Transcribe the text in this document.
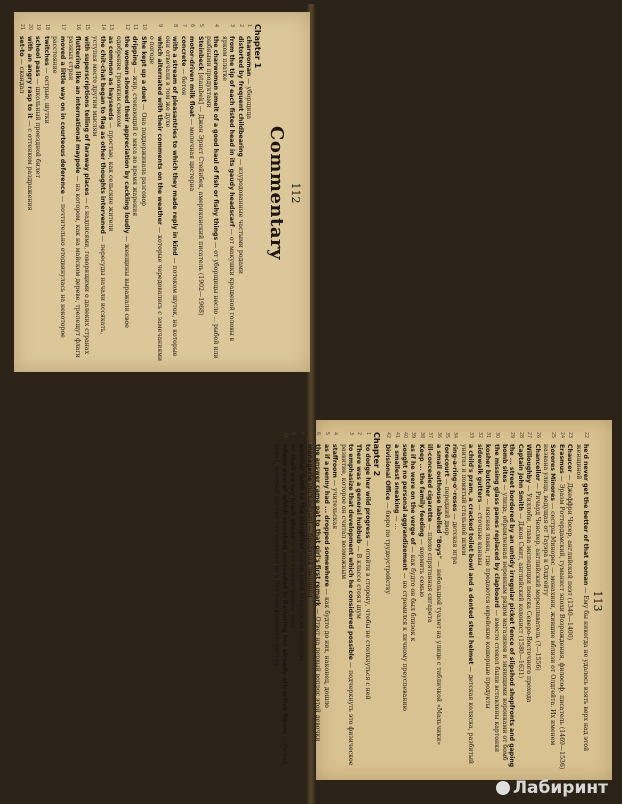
112
Commentary
Chapter 1
1
charwoman — уборщица
2
distorted by frequent childbearing — изуродованные частыми родами
3
from the tip of each fisted head in its gaudy headscarf — от макушки крашеной головы в ярком платке
4
the charwoman smelt of a good haul of fish or fishy things — от уборщицы несло ... рыбой или рыбными продуктами
5
Steinbeck [staɪnbek] — Джон Эрнст Стейнбек, американский писатель (1902—1968)
6
motor-driven milk float — молочная цистерна
7
concrete — бетон
8
with a stream of pleasantries to which they made reply in kind — потоком шуток, на которые они отвечали в том же духе
9
which alternated with their comments on the weather — которые чередовались с замечаниями о погоде
10
She kept up a duet — Она поддерживала разговор
11
dripping — жир, стекающий с мяса во время жарения
12
the women showed their appreciation by cackling loudly — женщины выражали свое одобрение громким смехом
13
as common as hayseeds — простые, как сельские жители
14
the chit-chat began to flag as other thoughts intervened — пересуды начали иссякать, уступая место другим мыслям
15
with superscriptions telling of faraway places — с надписями, говорящими о далеких странах
16
fluttering like an international maypole — на котором, как на майском дереве, трепещут флаги разных стран
17
moved a little way on in courteous deference — почтительно отодвинулась на некоторое расстояние
18
twitches — острые, шутки
19
school pass — школьный проездной билет
20
with an angry rasp to it — с оттенком раздражения
21
set-to — скандал
113
22
he'd never get the better of that woman — Ему бы никогда не удалось взять верх над этой женщиной
23
Chaucer — Джеффри Чосер, английский поэт (1340—1400)
24
Erasmus — Эразм Роттердамский, гуманист эпохи Возрождения, философ, писатель (1469—1536)
25
Sorores Minores — сестры Минорес — монахини, жившие вблизи от Олдгейта. Их именем названа улица, ведущая от Тауэра к Олдгейту
26
Chancellor — Ричард Ченслер, английский мореплаватель (?—1556)
27
Willoughby — Уиллоби, глава экспедиции поиска Северо-Восточного прохода
28
Captain John Smith — Джон Смит, английский колонист (1580—1631)
29
the ... street bordered by an untidy irregular picket fence of slipshod shopfronts and gaping bomb sites — улица, обрамленная неровным рядом магазинов и зияющими воронками от бомб
30
the missing glass panes replaced by clapboard — вместо стекол были вставлены картонки
31
kosher butcher — мясная лавка, где продаются еврейские кошерные продукты
32
sidewalk gutters — сточные канавы
33
a child's pram, a cracked toilet bowl and a dented steel helmet — детская коляска, разбитый унитаз и помятый стальной шлем
34
ring-a-ring-o'-roses — детская игра
35
forecourt — передний двор
36
a small outhouse labelled "Boys" — небольшой туалет на улице с табличкой «Мальчики»
37
ill-concealed cigarette — плохо спрятанная сигарета
38
Keep ... the family feeding — кормить семью
39
as if he were on the verge of — как будто он был близок к
40
sought no personal aggrandizement — не стремился к личному преуспеванию
41
a smallest sneaking — ...
42
Divisional Office — бюро по трудоустройству
Chapter 2
1
to dodge her wild progress — отойти в сторону, чтобы не столкнуться с ней
2
There was a general hubbub — В классе стоял шум
3
to emphasize that development which he considered possible — подчеркнуть это физическое развитие, которое он считал возможным
4
staffroom — учительская
5
as if a penny had ... dropped somewhere — как будто до них, наконец, дошло
6
the answer came pat to that girl's first remark — Ответ на первый вопрос этой девочки
7
menagerie [mɪ'nædʒərɪ] — бродячий зверинец
8
another lamb to the slaughter — еще один ягненок на заклание
9
or shall we say black sheep — или скорее черная овца
10
whose overall which somehow succeeded in flattering her already attractive figure — белый халат, который удачно подчеркивал ее и без того красивую фигуру
Лабиринт
